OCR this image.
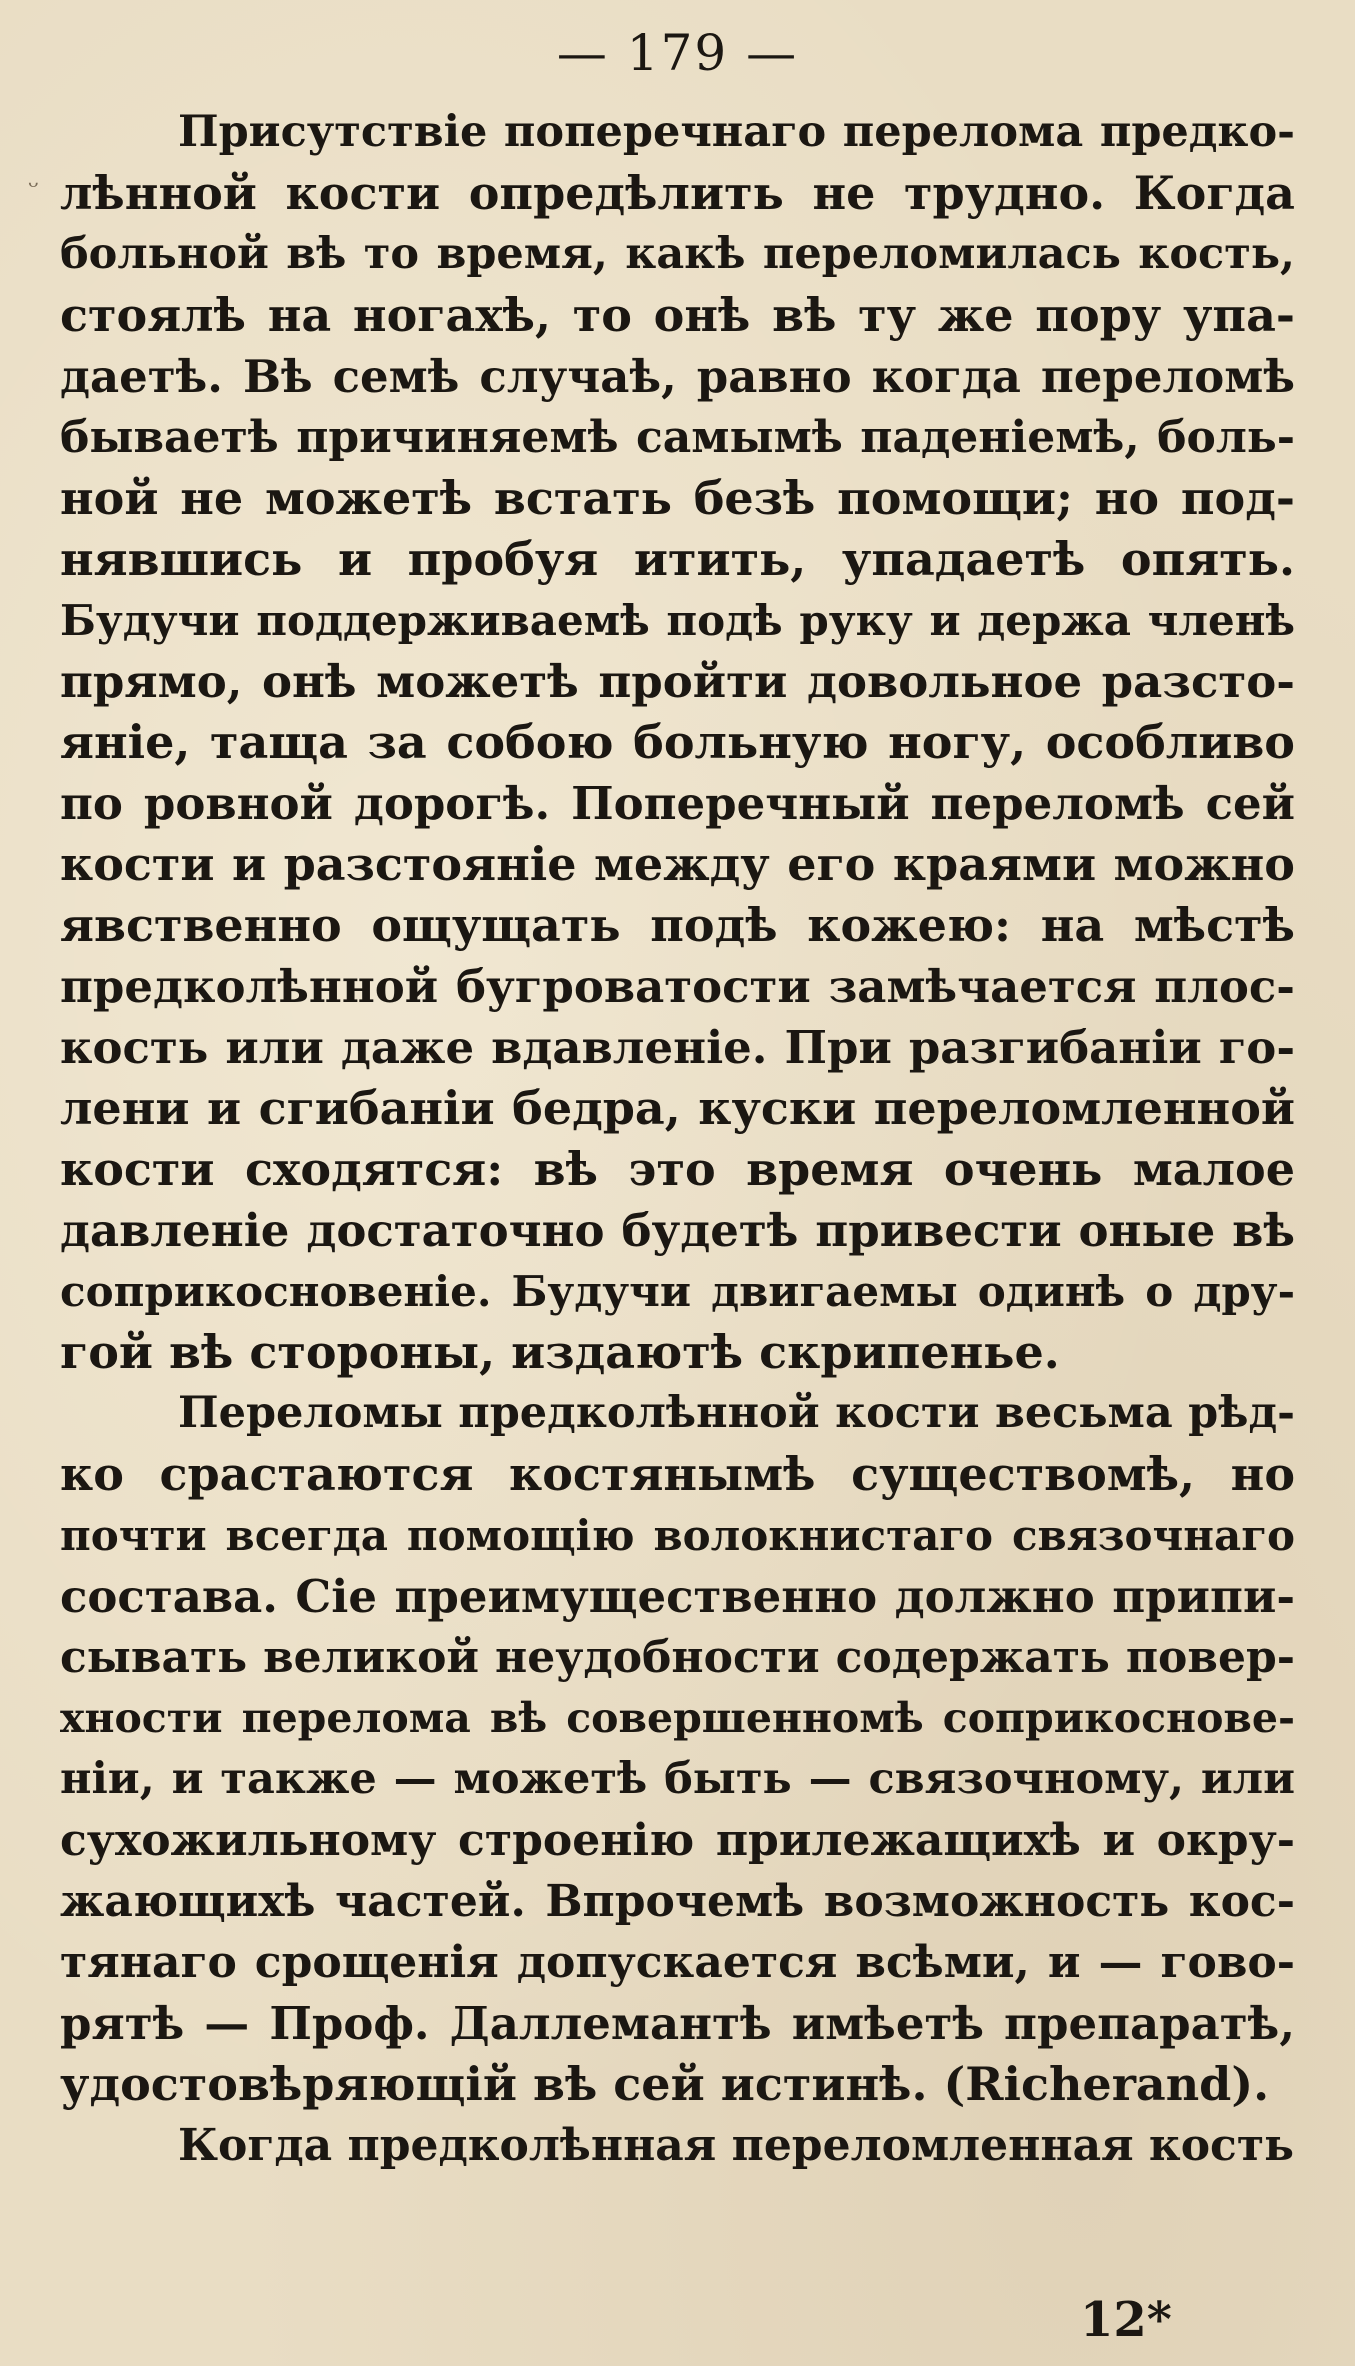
— 179 —
ᵕ
Присутствіе поперечнаго перелома предко-
лѣнной кости опредѣлить не трудно. Когда
больной вѣ то время, какѣ переломилась кость,
стоялѣ на ногахѣ, то онѣ вѣ ту же пору упа-
даетѣ. Вѣ семѣ случаѣ, равно когда переломѣ
бываетѣ причиняемѣ самымѣ паденіемѣ, боль-
ной не можетѣ встать безѣ помощи; но под-
нявшись и пробуя итить, упадаетѣ опять.
Будучи поддерживаемѣ подѣ руку и держа членѣ
прямо, онѣ можетѣ пройти довольное разсто-
яніе, тащa за собою больную ногу, особливо
по ровной дорогѣ. Поперечный переломѣ сей
кости и разстояніе между его краями можно
явственно ощущать подѣ кожею: на мѣстѣ
предколѣнной бугроватости замѣчается плос-
кость или даже вдавленіе. При разгибаніи го-
лени и сгибаніи бедра, куски переломленной
кости сходятся: вѣ это время очень малое
давленіе достаточно будетѣ привести оные вѣ
соприкосновеніе. Будучи двигаемы одинѣ о дру-
гой вѣ стороны, издаютѣ скрипенье.
Переломы предколѣнной кости весьма рѣд-
ко срастаются костянымѣ существомѣ, но
почти всегда помощію волокнистаго связочнаго
состава. Сіе преимущественно должно припи-
сывать великой неудобности содержать повер-
хности перелома вѣ совершенномѣ соприкоснове-
ніи, и также — можетѣ быть — связочному, или
сухожильному строенію прилежащихѣ и окру-
жающихѣ частей. Впрочемѣ возможность кос-
тянаго срощенія допускается всѣми, и — гово-
рятѣ — Проф. Даллемантѣ имѣетѣ препаратѣ,
удостовѣряющій вѣ сей истинѣ. (Richerand).
Когда предколѣнная переломленная кость
12*
